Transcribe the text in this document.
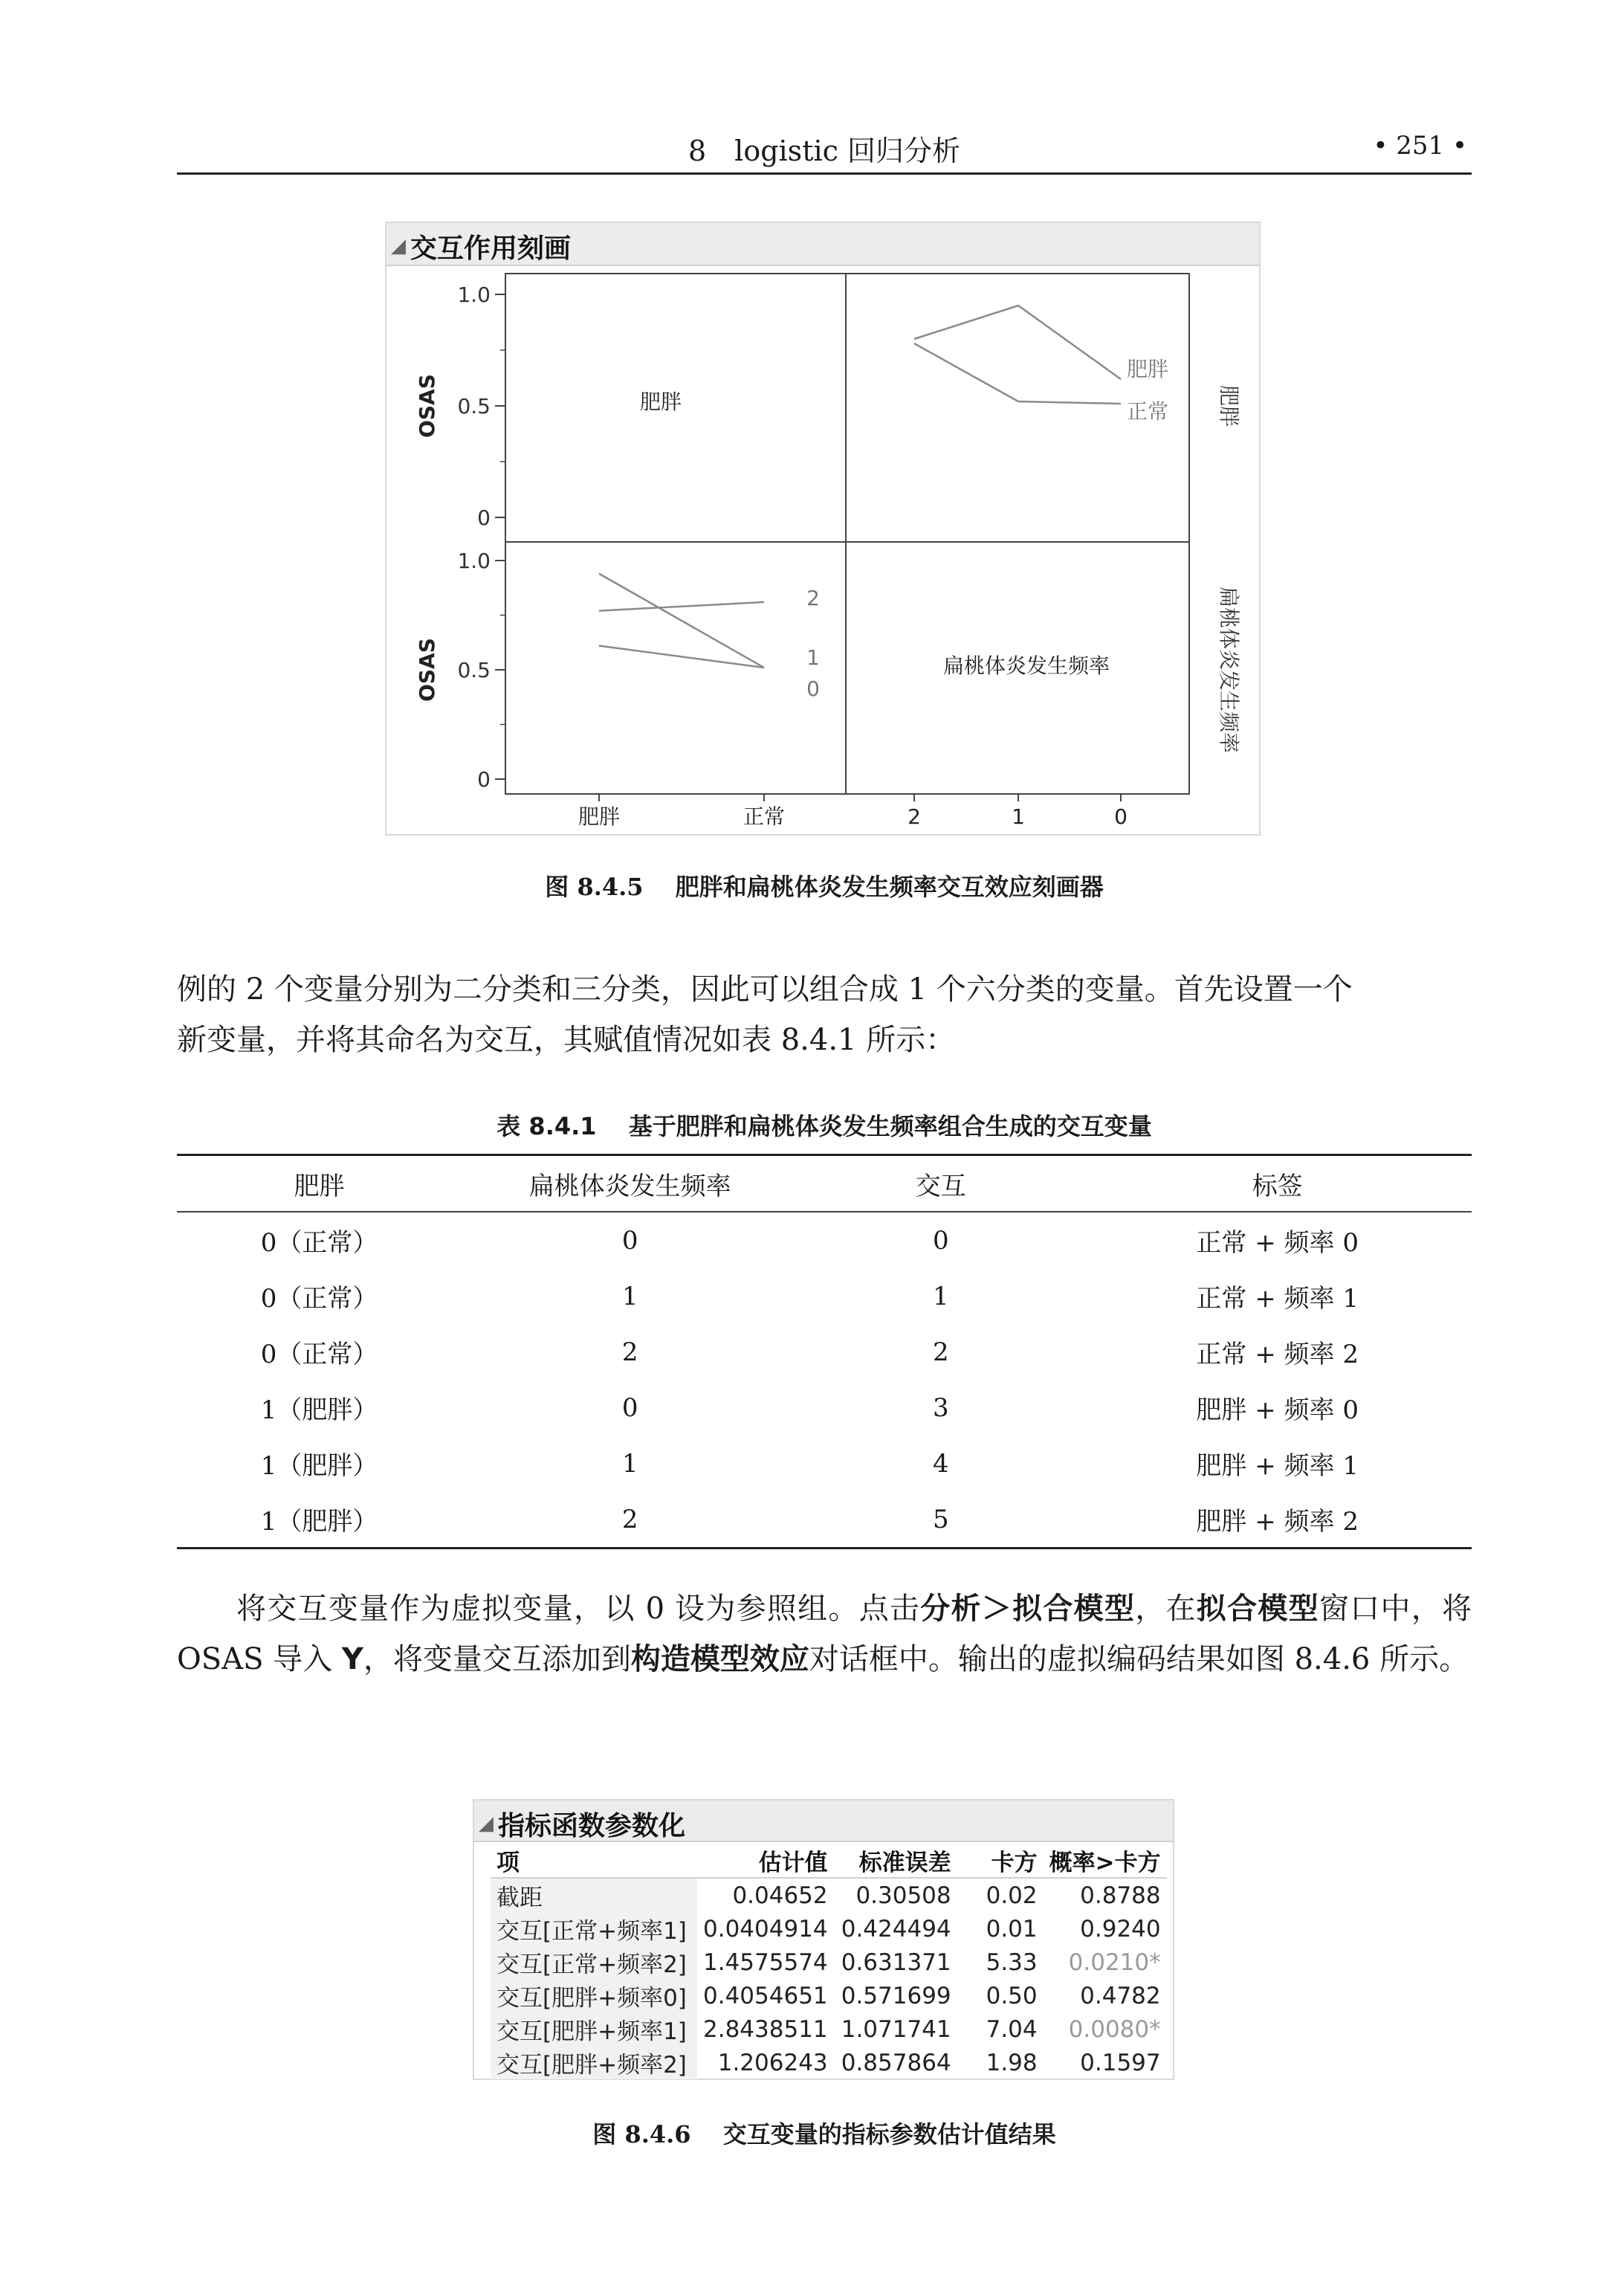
8　logistic 回归分析	• 251 •
◢ 交互作用刻画
1.0
0.5
0
OSAS	肥胖
1.0
0.5
0
OSAS	扁桃体炎发生频率
肥胖
扁桃体炎发生频率
肥胖
正常
2
1
0
肥胖	正常	2	1	0
图 8.4.5　 肥胖和扁桃体炎发生频率交互效应刻画器
例的 2 个变量分别为二分类和三分类，因此可以组合成 1 个六分类的变量。首先设置一个
新变量，并将其命名为交互，其赋值情况如表 8.4.1 所示：
表 8.4.1　 基于肥胖和扁桃体炎发生频率组合生成的交互变量
肥胖	扁桃体炎发生频率	交互	标签
0（正常）	0	0	正常 + 频率 0
0（正常）	1	1	正常 + 频率 1
0（正常）	2	2	正常 + 频率 2
1（肥胖）	0	3	肥胖 + 频率 0
1（肥胖）	1	4	肥胖 + 频率 1
1（肥胖）	2	5	肥胖 + 频率 2
将交互变量作为虚拟变量，以 0 设为参照组。点击分析＞拟合模型，在拟合模型窗口中，将 OSAS 导入 Y，将变量交互添加到构造模型效应对话框中。输出的虚拟编码结果如图 8.4.6 所示。
◢ 指标函数参数化
项	估计值	标准误差	卡方	概率>卡方
截距	0.04652	0.30508	0.02	0.8788
交互[正常+频率1]	0.0404914	0.424494	0.01	0.9240
交互[正常+频率2]	1.4575574	0.631371	5.33	0.0210*
交互[肥胖+频率0]	0.4054651	0.571699	0.50	0.4782
交互[肥胖+频率1]	2.8438511	1.071741	7.04	0.0080*
交互[肥胖+频率2]	1.206243	0.857864	1.98	0.1597
图 8.4.6　 交互变量的指标参数估计值结果
